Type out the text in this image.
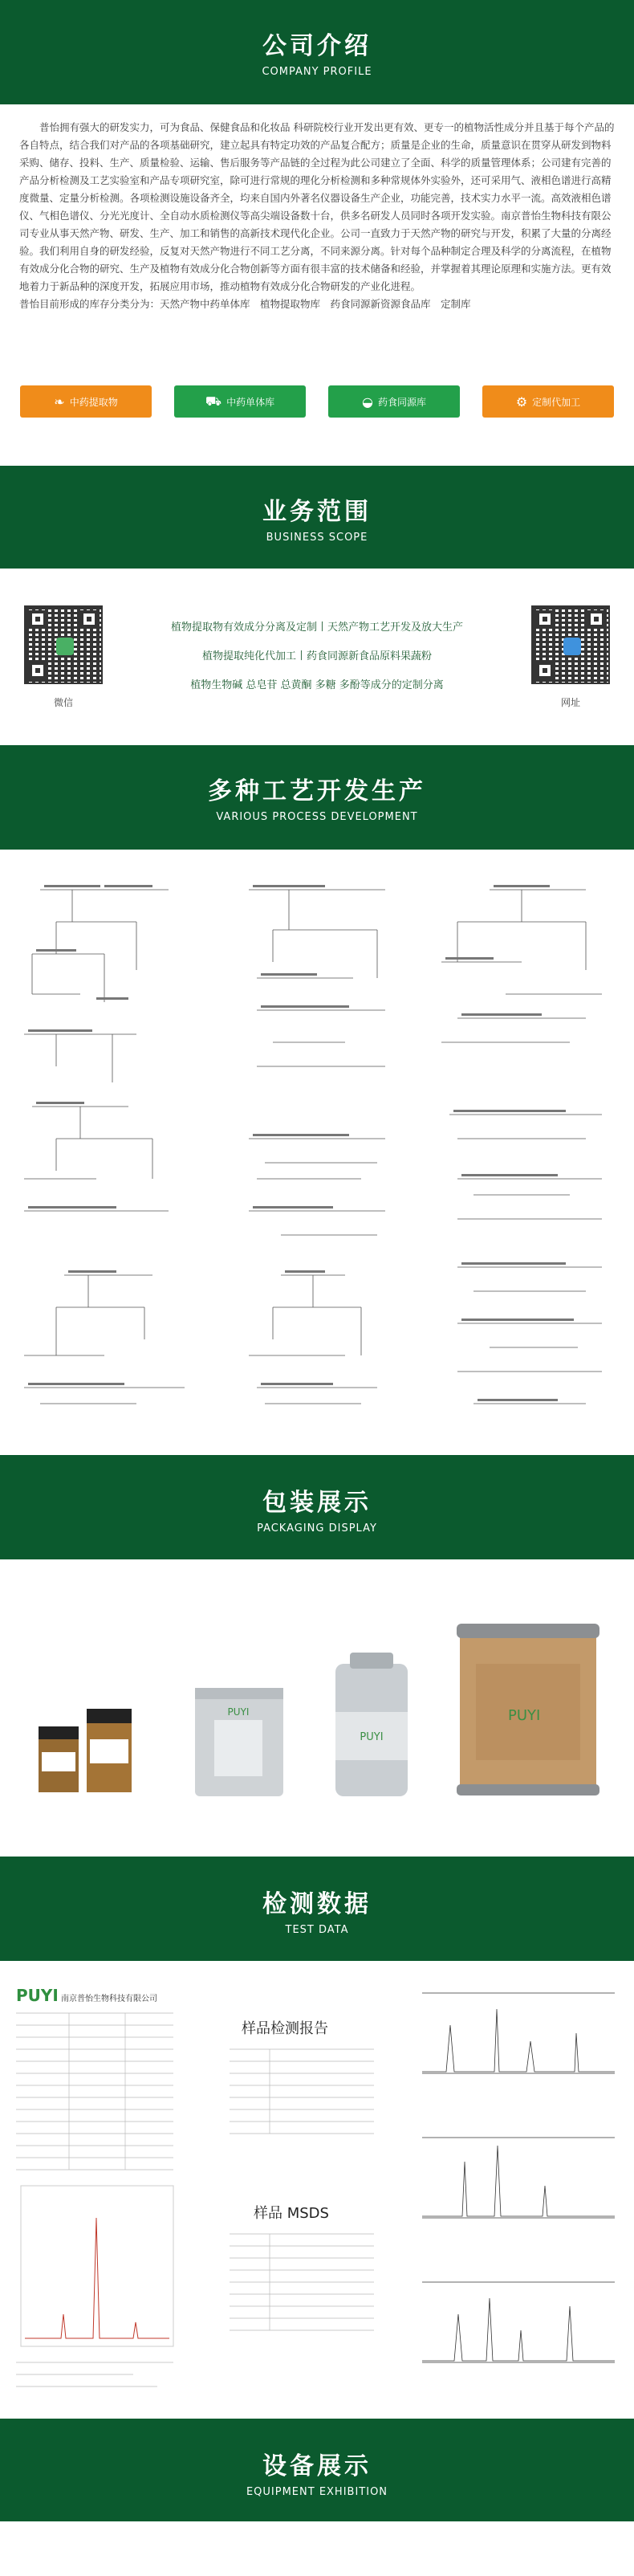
公司介绍
COMPANY PROFILE

普怡拥有强大的研发实力，可为食品、保健食品和化妆品 科研院校行业开发出更有效、更专一的植物活性成分并且基于每个产品的各自特点，结合我们对产品的各项基础研究，建立起具有特定功效的产品复合配方；质量是企业的生命，质量意识在贯穿从研发到物料采购、储存、投料、生产、质量检验、运输、售后服务等产品链的全过程为此公司建立了全面、科学的质量管理体系；公司建有完善的产品分析检测及工艺实验室和产品专项研究室，除可进行常规的理化分析检测和多种常规体外实验外，还可采用气、液相色谱进行高精度微量、定量分析检测。各项检测设施设备齐全，均来自国内外著名仪器设备生产企业，功能完善，技术实力水平一流。高效液相色谱仪、气相色谱仪、分光光度计、全自动水质检测仪等高尖端设备数十台，供多名研发人员同时各项开发实验。南京普怡生物科技有限公司专业从事天然产物、研发、生产、加工和销售的高新技术现代化企业。公司一直致力于天然产物的研究与开发，积累了大量的分离经验。我们利用自身的研发经验，反复对天然产物进行不同工艺分离，不同来源分离。针对每个品种制定合理及科学的分离流程，在植物有效成分化合物的研究、生产及植物有效成分化合物创新等方面有很丰富的技术储备和经验，并掌握着其理论原理和实施方法。更有效地着力于新品种的深度开发，拓展应用市场，推动植物有效成分化合物研发的产业化进程。

普怡目前形成的库存分类分为：天然产物中药单体库　植物提取物库　药食同源新资源食品库　定制库

❧ 中药提取物	⛟ 中药单体库	◒ 药食同源库	⚙ 定制代加工
业务范围
BUSINESS SCOPE
微信
植物提取物有效成分分离及定制丨天然产物工艺开发及放大生产
植物提取纯化代加工丨药食同源新食品原料果蔬粉
植物生物碱 总皂苷 总黄酮 多糖 多酚等成分的定制分离
网址
多种工艺开发生产
VARIOUS PROCESS DEVELOPMENT
包装展示
PACKAGING DISPLAY
PUYI
PUYI
PUYI
检测数据
TEST DATA
PUYI 南京普怡生物科技有限公司
样品检测报告
样品 MSDS
设备展示
EQUIPMENT EXHIBITION
